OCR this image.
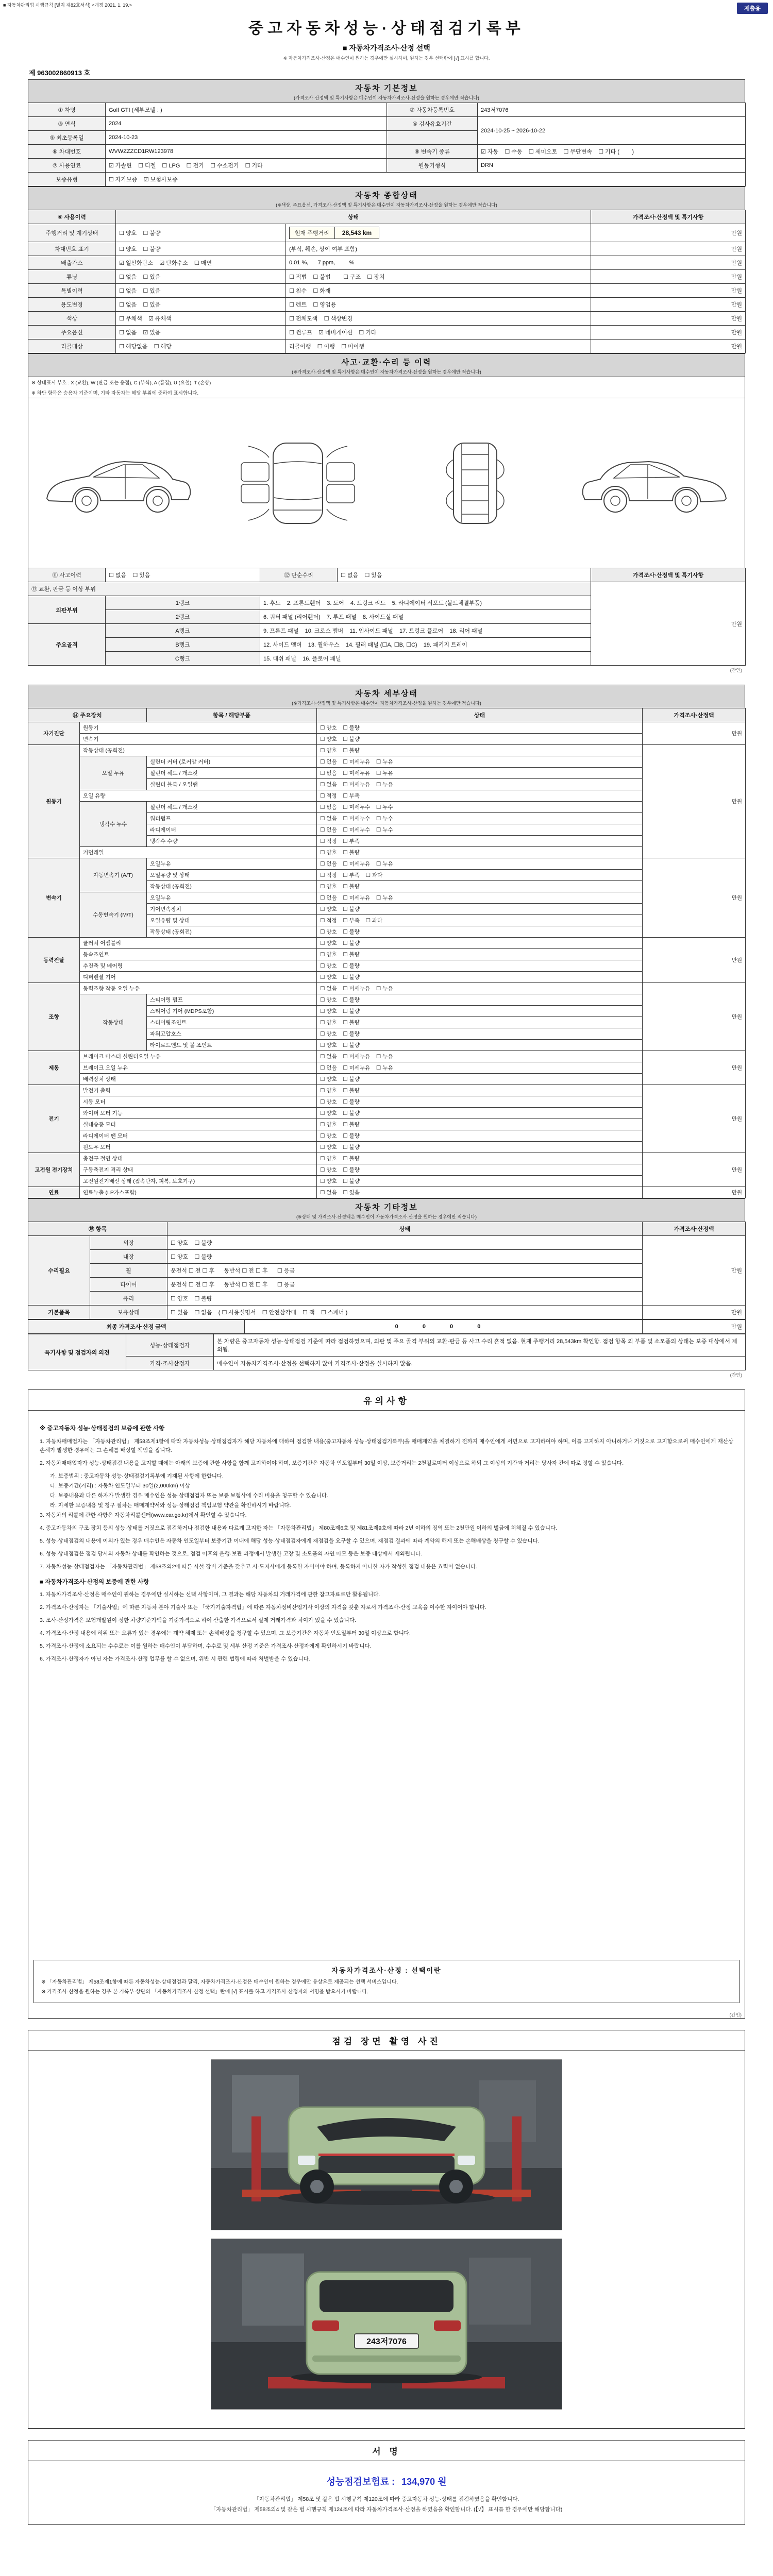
■ 자동차관리법 시행규칙 [별지 제82호서식] <개정 2021. 1. 19.>
제출용
중고자동차성능·상태점검기록부
■ 자동차가격조사·산정 선택
※ 자동차가격조사·산정은 매수인이 원하는 경우에만 실시하며, 원하는 경우 선택란에 [√] 표시를 합니다.
제 963002860913 호
자동차 기본정보
(가격조사·산정액 및 특기사항은 매수인이 자동차가격조사·산정을 원하는 경우에만 적습니다)
① 차명	Golf GTI (세부모델 : )	② 자동차등록번호	243저7076
③ 연식	2024	④ 검사유효기간	2024-10-25 ~ 2026-10-22
⑤ 최초등록일	2024-10-23		
⑥ 차대번호	WVWZZZCD1RW123978	⑧ 변속기 종류	☑ 자동    ☐ 수동    ☐ 세미오토    ☐ 무단변속    ☐ 기타 (        )
⑦ 사용연료	☑ 가솔린    ☐ 디젤    ☐ LPG    ☐ 전기    ☐ 수소전기    ☐ 기타	원동기형식	DRN
보증유형	☐ 자가보증    ☑ 보험사보증		
자동차 종합상태
(※색상, 주요옵션, 가격조사·산정액 및 특기사항은 매수인이 자동차가격조사·산정을 원하는 경우에만 적습니다)
⑨ 사용이력	상태		가격조사·산정액 및 특기사항
주행거리 및 계기상태	☐ 양호    ☐ 불량	현재 주행거리 28,543 km	만원
차대번호 표기	☐ 양호    ☐ 불량	(부식, 훼손, 상이 여부 포함)	만원
배출가스	☑ 일산화탄소    ☑ 탄화수소    ☐ 매연	0.01 %,      7 ppm,         %	만원
튜닝	☐ 없음    ☐ 있음	☐ 적법    ☐ 불법        ☐ 구조    ☐ 장치	만원
특별이력	☐ 없음    ☐ 있음	☐ 침수    ☐ 화재	만원
용도변경	☐ 없음    ☐ 있음	☐ 렌트    ☐ 영업용	만원
색상	☐ 무채색    ☑ 유채색	☐ 전체도색    ☐ 색상변경	만원
주요옵션	☐ 없음    ☑ 있음	☐ 썬루프    ☑ 네비게이션    ☐ 기타	만원
리콜대상	☐ 해당없음    ☐ 해당	리콜이행    ☐ 이행    ☐ 미이행	만원
사고·교환·수리 등 이력
(※가격조사·산정액 및 특기사항은 매수인이 자동차가격조사·산정을 원하는 경우에만 적습니다)
※ 상태표시 부호 : X (교환), W (판금 또는 용접), C (부식), A (흠집), U (요철), T (손상)
※ 하단 항목은 승용차 기준이며, 기타 자동차는 해당 부위에 준하여 표시합니다.
⑪ 사고이력	☐ 없음    ☐ 있음	⑫ 단순수리	☐ 없음    ☐ 있음	가격조사·산정액 및 특기사항
⑬ 교환, 판금 등 이상 부위				만원
외판부위	1랭크	1. 후드    2. 프론트휀더    3. 도어    4. 트렁크 리드    5. 라디에이터 서포트 (볼트체결부품)		
	2랭크	6. 쿼터 패널 (리어휀더)    7. 루프 패널    8. 사이드실 패널		
주요골격	A랭크	9. 프론트 패널    10. 크로스 멤버    11. 인사이드 패널    17. 트렁크 플로어    18. 리어 패널		
	B랭크	12. 사이드 멤버    13. 휠하우스    14. 필러 패널 (☐A, ☐B, ☐C)    19. 패키지 트레이		
	C랭크	15. 대쉬 패널    16. 플로어 패널		
(간인)
자동차 세부상태
(※가격조사·산정액 및 특기사항은 매수인이 자동차가격조사·산정을 원하는 경우에만 적습니다)
⑭ 주요장치		항목 / 해당부품	상태	가격조사·산정액
자기진단	원동기		☐ 양호    ☐ 불량	만원
	변속기		☐ 양호    ☐ 불량	
원동기	작동상태 (공회전)		☐ 양호    ☐ 불량	만원
	오일 누유	실린더 커버 (로커암 커버)	☐ 없음    ☐ 미세누유    ☐ 누유	
		실린더 헤드 / 개스킷	☐ 없음    ☐ 미세누유    ☐ 누유	
		실린더 블록 / 오일팬	☐ 없음    ☐ 미세누유    ☐ 누유	
	오일 유량		☐ 적정    ☐ 부족	
	냉각수 누수	실린더 헤드 / 개스킷	☐ 없음    ☐ 미세누수    ☐ 누수	
		워터펌프	☐ 없음    ☐ 미세누수    ☐ 누수	
		라디에이터	☐ 없음    ☐ 미세누수    ☐ 누수	
		냉각수 수량	☐ 적정    ☐ 부족	
	커먼레일		☐ 양호    ☐ 불량	
변속기	자동변속기 (A/T)	오일누유	☐ 없음    ☐ 미세누유    ☐ 누유	만원
		오일유량 및 상태	☐ 적정    ☐ 부족    ☐ 과다	
		작동상태 (공회전)	☐ 양호    ☐ 불량	
	수동변속기 (M/T)	오일누유	☐ 없음    ☐ 미세누유    ☐ 누유	
		기어변속장치	☐ 양호    ☐ 불량	
		오일유량 및 상태	☐ 적정    ☐ 부족    ☐ 과다	
		작동상태 (공회전)	☐ 양호    ☐ 불량	
동력전달	클러치 어셈블리		☐ 양호    ☐ 불량	만원
	등속조인트		☐ 양호    ☐ 불량	
	추진축 및 베어링		☐ 양호    ☐ 불량	
	디퍼렌셜 기어		☐ 양호    ☐ 불량	
조향	동력조향 작동 오일 누유		☐ 없음    ☐ 미세누유    ☐ 누유	만원
	작동상태	스티어링 펌프	☐ 양호    ☐ 불량	
		스티어링 기어 (MDPS포함)	☐ 양호    ☐ 불량	
		스티어링조인트	☐ 양호    ☐ 불량	
		파워고압호스	☐ 양호    ☐ 불량	
		타이로드엔드 및 볼 조인트	☐ 양호    ☐ 불량	
제동	브레이크 마스터 실린더오일 누유		☐ 없음    ☐ 미세누유    ☐ 누유	만원
	브레이크 오일 누유		☐ 없음    ☐ 미세누유    ☐ 누유	
	배력장치 상태		☐ 양호    ☐ 불량	
전기	발전기 출력		☐ 양호    ☐ 불량	만원
	시동 모터		☐ 양호    ☐ 불량	
	와이퍼 모터 기능		☐ 양호    ☐ 불량	
	실내송풍 모터		☐ 양호    ☐ 불량	
	라디에이터 팬 모터		☐ 양호    ☐ 불량	
	윈도우 모터		☐ 양호    ☐ 불량	
고전원 전기장치	충전구 절연 상태		☐ 양호    ☐ 불량	만원
	구동축전지 격리 상태		☐ 양호    ☐ 불량	
	고전원전기배선 상태 (접속단자, 피복, 보호기구)		☐ 양호    ☐ 불량	
연료	연료누출 (LP가스포함)		☐ 없음    ☐ 있음	만원
자동차 기타정보
(※상태 및 가격조사·산정액은 매수인이 자동차가격조사·산정을 원하는 경우에만 적습니다)
⑮ 항목		상태	가격조사·산정액
수리필요	외장	☐ 양호    ☐ 불량	만원
	내장	☐ 양호    ☐ 불량	
	휠	운전석 ☐ 전 ☐ 후      동반석 ☐ 전 ☐ 후      ☐ 응급	
	타이어	운전석 ☐ 전 ☐ 후      동반석 ☐ 전 ☐ 후      ☐ 응급	
	유리	☐ 양호    ☐ 불량	
기본품목	보유상태	☐ 있음    ☐ 없음    ( ☐ 사용설명서    ☐ 안전삼각대    ☐ 잭    ☐ 스패너 )	만원
최종 가격조사·산정 금액	0 0 0 0	만원
특기사항 및 점검자의 의견	성능·상태점검자	본 차량은 중고자동차 성능·상태점검 기준에 따라 점검하였으며, 외판 및 주요 골격 부위의 교환·판금 등 사고 수리 흔적 없음. 현재 주행거리 28,543km 확인함. 점검 항목 외 부품 및 소모품의 상태는 보증 대상에서 제외됨.
	가격·조사산정자	매수인이 자동차가격조사·산정을 선택하지 않아 가격조사·산정을 실시하지 않음.
(간인)
유의사항
※ 중고자동차 성능·상태점검의 보증에 관한 사항
1. 자동차매매업자는 「자동차관리법」 제58조제1항에 따라 자동차성능·상태점검자가 해당 자동차에 대하여 점검한 내용(중고자동차 성능·상태점검기록부)을 매매계약을 체결하기 전까지 매수인에게 서면으로 고지하여야 하며, 이를 고지하지 아니하거나 거짓으로 고지함으로써 매수인에게 재산상 손해가 발생한 경우에는 그 손해를 배상할 책임을 집니다.
2. 자동차매매업자가 성능·상태점검 내용을 고지할 때에는 아래의 보증에 관한 사항을 함께 고지하여야 하며, 보증기간은 자동차 인도일부터 30일 이상, 보증거리는 2천킬로미터 이상으로 하되 그 이상의 기간과 거리는 당사자 간에 따로 정할 수 있습니다.
가. 보증범위 : 중고자동차 성능·상태점검기록부에 기재된 사항에 한합니다.
나. 보증기간(거리) : 자동차 인도일부터 30일(2,000km) 이상
다. 보증내용과 다른 하자가 발생한 경우 매수인은 성능·상태점검자 또는 보증 보험사에 수리 비용을 청구할 수 있습니다.
라. 자세한 보증내용 및 청구 절차는 매매계약서와 성능·상태점검 책임보험 약관을 확인하시기 바랍니다.
3. 자동차의 리콜에 관한 사항은 자동차리콜센터(www.car.go.kr)에서 확인할 수 있습니다.
4. 중고자동차의 구조·장치 등의 성능·상태를 거짓으로 점검하거나 점검한 내용과 다르게 고지한 자는 「자동차관리법」 제80조제6호 및 제81조제9호에 따라 2년 이하의 징역 또는 2천만원 이하의 벌금에 처해질 수 있습니다.
5. 성능·상태점검의 내용에 이의가 있는 경우 매수인은 자동차 인도일부터 보증기간 이내에 해당 성능·상태점검자에게 재점검을 요구할 수 있으며, 재점검 결과에 따라 계약의 해제 또는 손해배상을 청구할 수 있습니다.
6. 성능·상태점검은 점검 당시의 자동차 상태를 확인하는 것으로, 점검 이후의 운행·보관 과정에서 발생한 고장 및 소모품의 자연 마모 등은 보증 대상에서 제외됩니다.
7. 자동차성능·상태점검자는 「자동차관리법」 제58조의2에 따른 시설·장비 기준을 갖추고 시·도지사에게 등록한 자이어야 하며, 등록하지 아니한 자가 작성한 점검 내용은 효력이 없습니다.
■ 자동차가격조사·산정의 보증에 관한 사항
1. 자동차가격조사·산정은 매수인이 원하는 경우에만 실시하는 선택 사항이며, 그 결과는 해당 자동차의 거래가격에 관한 참고자료로만 활용됩니다.
2. 가격조사·산정자는 「기술사법」에 따른 자동차 분야 기술사 또는 「국가기술자격법」에 따른 자동차정비산업기사 이상의 자격을 갖춘 자로서 가격조사·산정 교육을 이수한 자이어야 합니다.
3. 조사·산정가격은 보험개발원이 정한 차량기준가액을 기준가격으로 하여 산출한 가격으로서 실제 거래가격과 차이가 있을 수 있습니다.
4. 가격조사·산정 내용에 허위 또는 오류가 있는 경우에는 계약 해제 또는 손해배상을 청구할 수 있으며, 그 보증기간은 자동차 인도일부터 30일 이상으로 합니다.
5. 가격조사·산정에 소요되는 수수료는 이를 원하는 매수인이 부담하며, 수수료 및 세부 산정 기준은 가격조사·산정자에게 확인하시기 바랍니다.
6. 가격조사·산정자가 아닌 자는 가격조사·산정 업무를 할 수 없으며, 위반 시 관련 법령에 따라 처벌받을 수 있습니다.
자동차가격조사·산정 : 선택이란
※ 「자동차관리법」 제58조제1항에 따른 자동차성능·상태점검과 달리, 자동차가격조사·산정은 매수인이 원하는 경우에만 유상으로 제공되는 선택 서비스입니다.
※ 가격조사·산정을 원하는 경우 본 기록부 상단의 「자동차가격조사·산정 선택」란에 [√] 표시를 하고 가격조사·산정자의 서명을 받으시기 바랍니다.
(간인)
점검 장면 촬영 사진
243저7076
서 명
성능점검보험료 : 134,970 원
「자동차관리법」 제58조 및 같은 법 시행규칙 제120조에 따라 중고자동차 성능·상태를 점검하였음을 확인합니다.
「자동차관리법」 제58조의4 및 같은 법 시행규칙 제124조에 따라 자동차가격조사·산정을 하였음을 확인합니다. (【√】 표시를 한 경우에만 해당합니다)
